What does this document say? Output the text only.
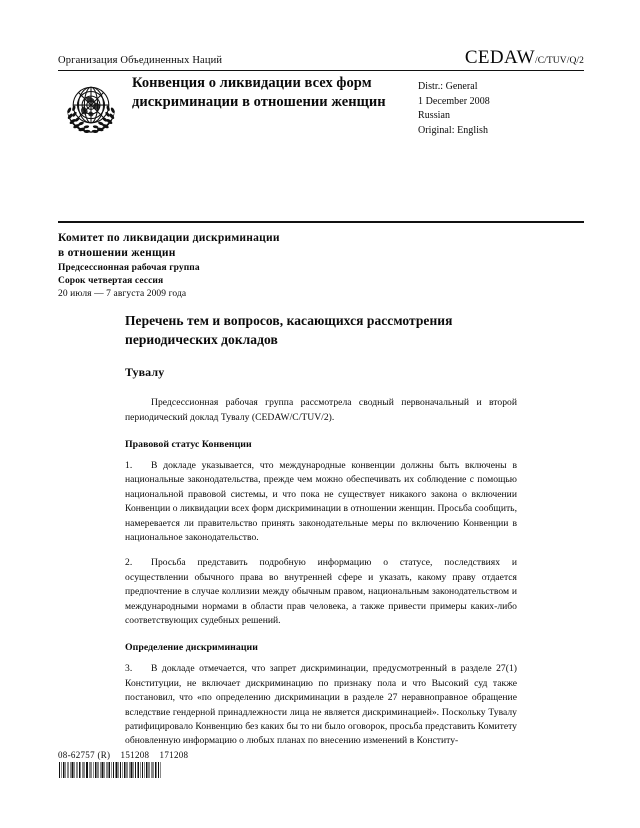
Организация Объединенных Наций	CEDAW/C/TUV/Q/2
Конвенция о ликвидации всех форм дискриминации в отношении женщин
Distr.: General
1 December 2008
Russian
Original: English
Комитет по ликвидации дискриминации
в отношении женщин
Предсессионная рабочая группа
Сорок четвертая сессия
20 июля — 7 августа 2009 года
Перечень тем и вопросов, касающихся рассмотрения периодических докладов
Тувалу
Предсессионная рабочая группа рассмотрела сводный первоначальный и второй периодический доклад Тувалу (CEDAW/C/TUV/2).
Правовой статус Конвенции
1. В докладе указывается, что международные конвенции должны быть включены в национальные законодательства, прежде чем можно обеспечивать их соблюдение с помощью национальной правовой системы, и что пока не существует никакого закона о включении Конвенции о ликвидации всех форм дискриминации в отношении женщин. Просьба сообщить, намеревается ли правительство принять законодательные меры по включению Конвенции в национальное законодательство.
2. Просьба представить подробную информацию о статусе, последствиях и осуществлении обычного права во внутренней сфере и указать, какому праву отдается предпочтение в случае коллизии между обычным правом, национальным законодательством и международными нормами в области прав человека, а также привести примеры каких-либо соответствующих судебных решений.
Определение дискриминации
3. В докладе отмечается, что запрет дискриминации, предусмотренный в разделе 27(1) Конституции, не включает дискриминацию по признаку пола и что Высокий суд также постановил, что «по определению дискриминации в разделе 27 неравноправное обращение вследствие гендерной принадлежности лица не является дискриминацией». Поскольку Тувалу ратифицировало Конвенцию без каких бы то ни было оговорок, просьба представить Комитету обновленную информацию о любых планах по внесению изменений в Конститу-
08-62757 (R)    151208    171208
